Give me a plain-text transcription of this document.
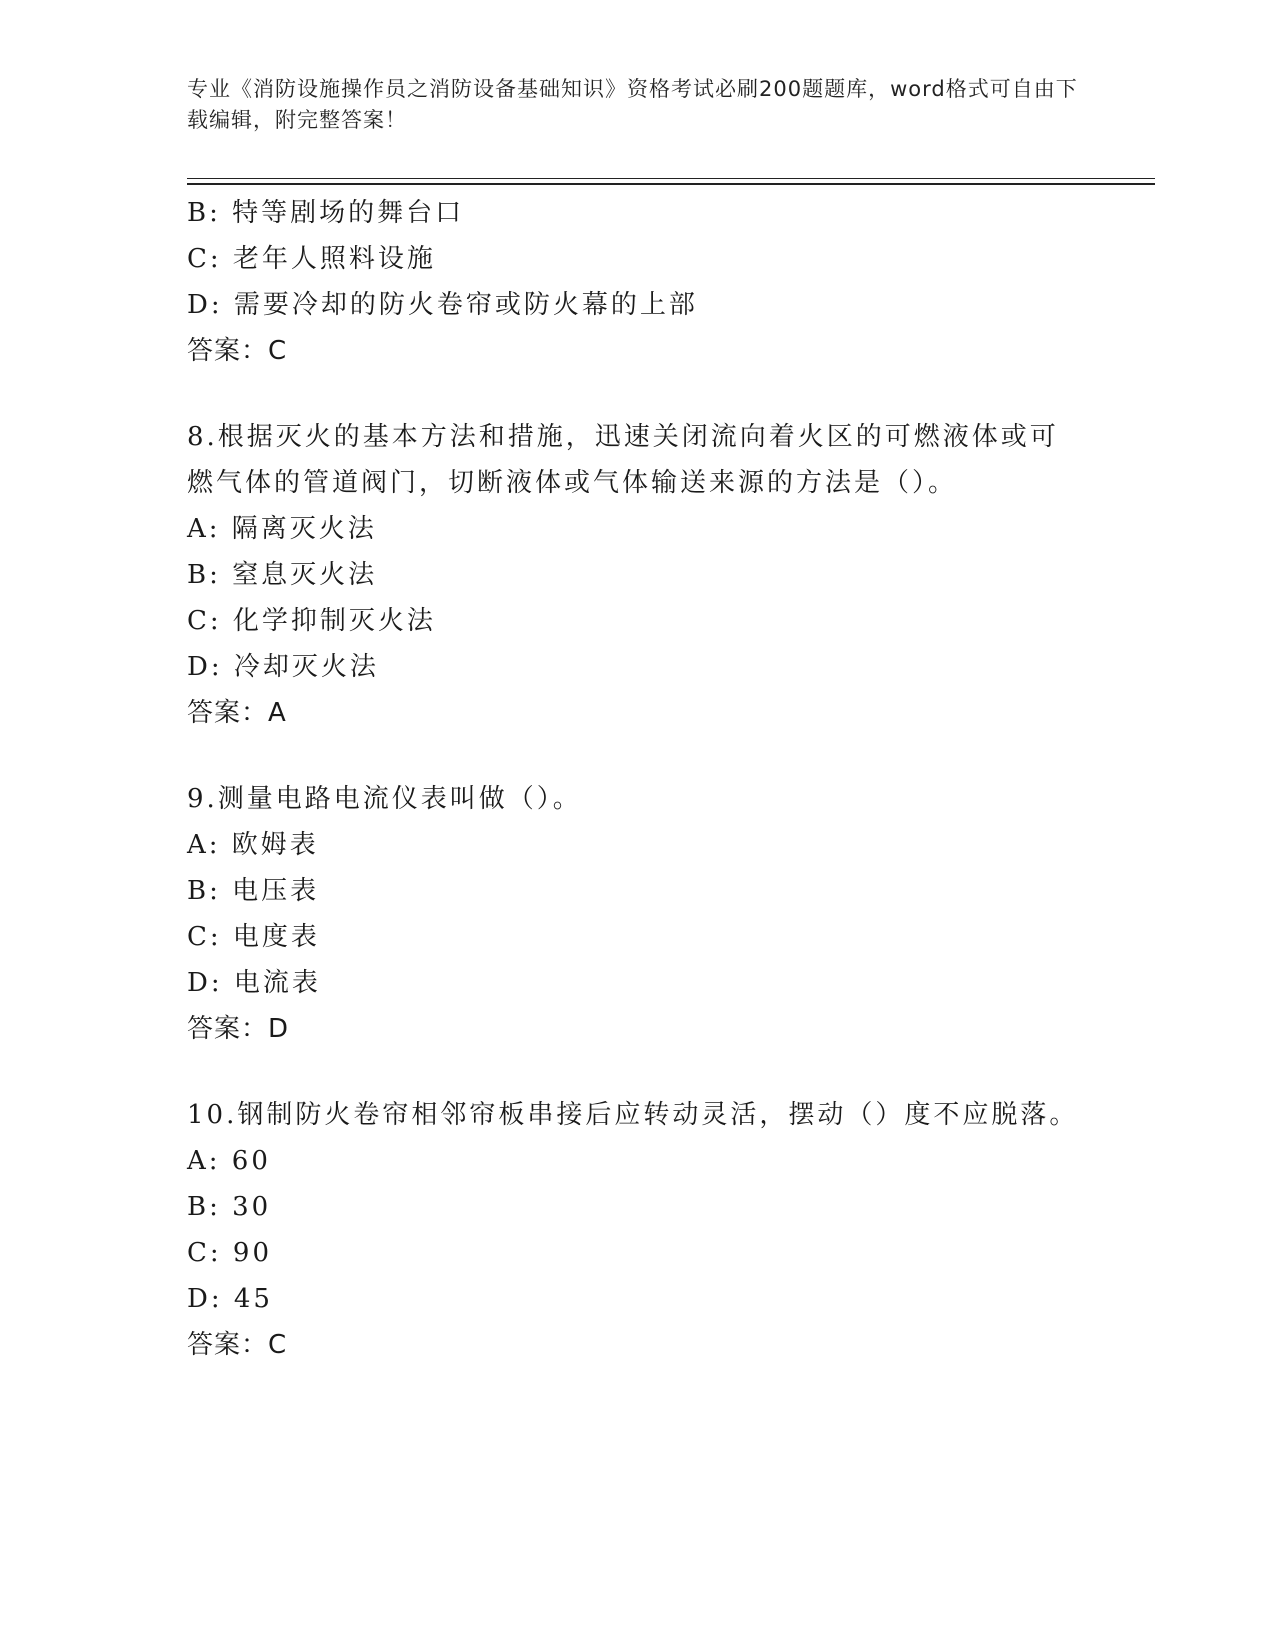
专业《消防设施操作员之消防设备基础知识》资格考试必刷200题题库，word格式可自由下载编辑，附完整答案！
B: 特等剧场的舞台口
C: 老年人照料设施
D: 需要冷却的防火卷帘或防火幕的上部
答案：C
8.根据灭火的基本方法和措施，迅速关闭流向着火区的可燃液体或可
燃气体的管道阀门，切断液体或气体输送来源的方法是（）。
A: 隔离灭火法
B: 窒息灭火法
C: 化学抑制灭火法
D: 冷却灭火法
答案：A
9.测量电路电流仪表叫做（）。
A: 欧姆表
B: 电压表
C: 电度表
D: 电流表
答案：D
10.钢制防火卷帘相邻帘板串接后应转动灵活，摆动（）度不应脱落。
A: 60
B: 30
C: 90
D: 45
答案：C
